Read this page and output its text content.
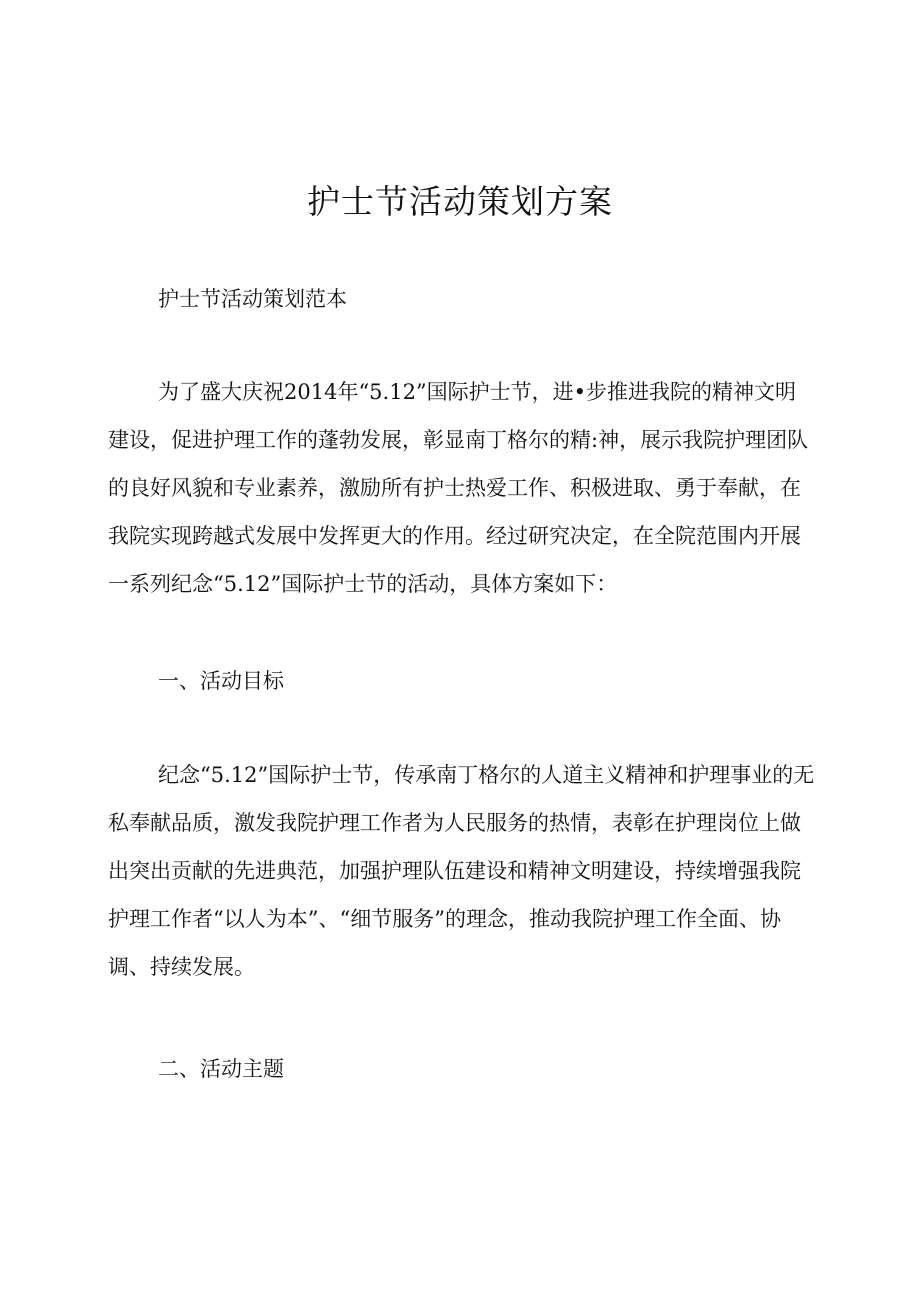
护士节活动策划方案
护士节活动策划范本

为了盛大庆祝2014年“5.12”国际护士节，进•步推进我院的精神文明建设，促进护理工作的蓬勃发展，彰显南丁格尔的精:神，展示我院护理团队的良好风貌和专业素养，激励所有护士热爱工作、积极进取、勇于奉献，在我院实现跨越式发展中发挥更大的作用。经过研究决定，在全院范围内开展一系列纪念“5.12”国际护士节的活动，具体方案如下：

一、活动目标

纪念“5.12”国际护士节，传承南丁格尔的人道主义精神和护理事业的无私奉献品质，激发我院护理工作者为人民服务的热情，表彰在护理岗位上做出突出贡献的先进典范，加强护理队伍建设和精神文明建设，持续增强我院护理工作者“以人为本”、“细节服务”的理念，推动我院护理工作全面、协调、持续发展。

二、活动主题
